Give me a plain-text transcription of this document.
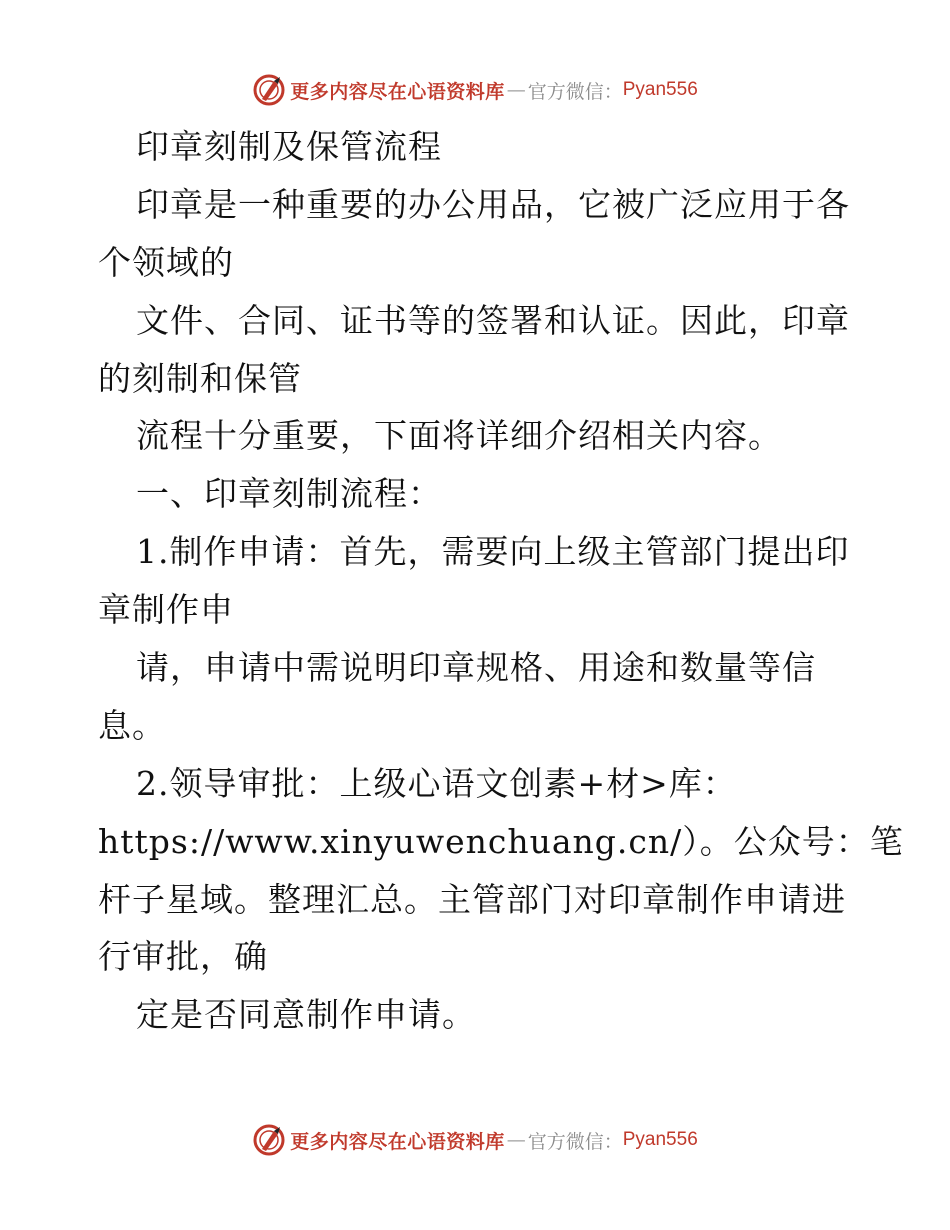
更多内容尽在心语资料库 — 官方微信： Pyan556
印章刻制及保管流程
印章是一种重要的办公用品，它被广泛应用于各
个领域的
文件、合同、证书等的签署和认证。因此，印章
的刻制和保管
流程十分重要，下面将详细介绍相关内容。
一、印章刻制流程：
1.制作申请：首先，需要向上级主管部门提出印
章制作申
请，申请中需说明印章规格、用途和数量等信
息。
2.领导审批：上级心语文创素+材>库：
https://www.xinyuwenchuang.cn/）。公众号：笔
杆子星域。整理汇总。主管部门对印章制作申请进
行审批，确
定是否同意制作申请。
更多内容尽在心语资料库 — 官方微信： Pyan556
